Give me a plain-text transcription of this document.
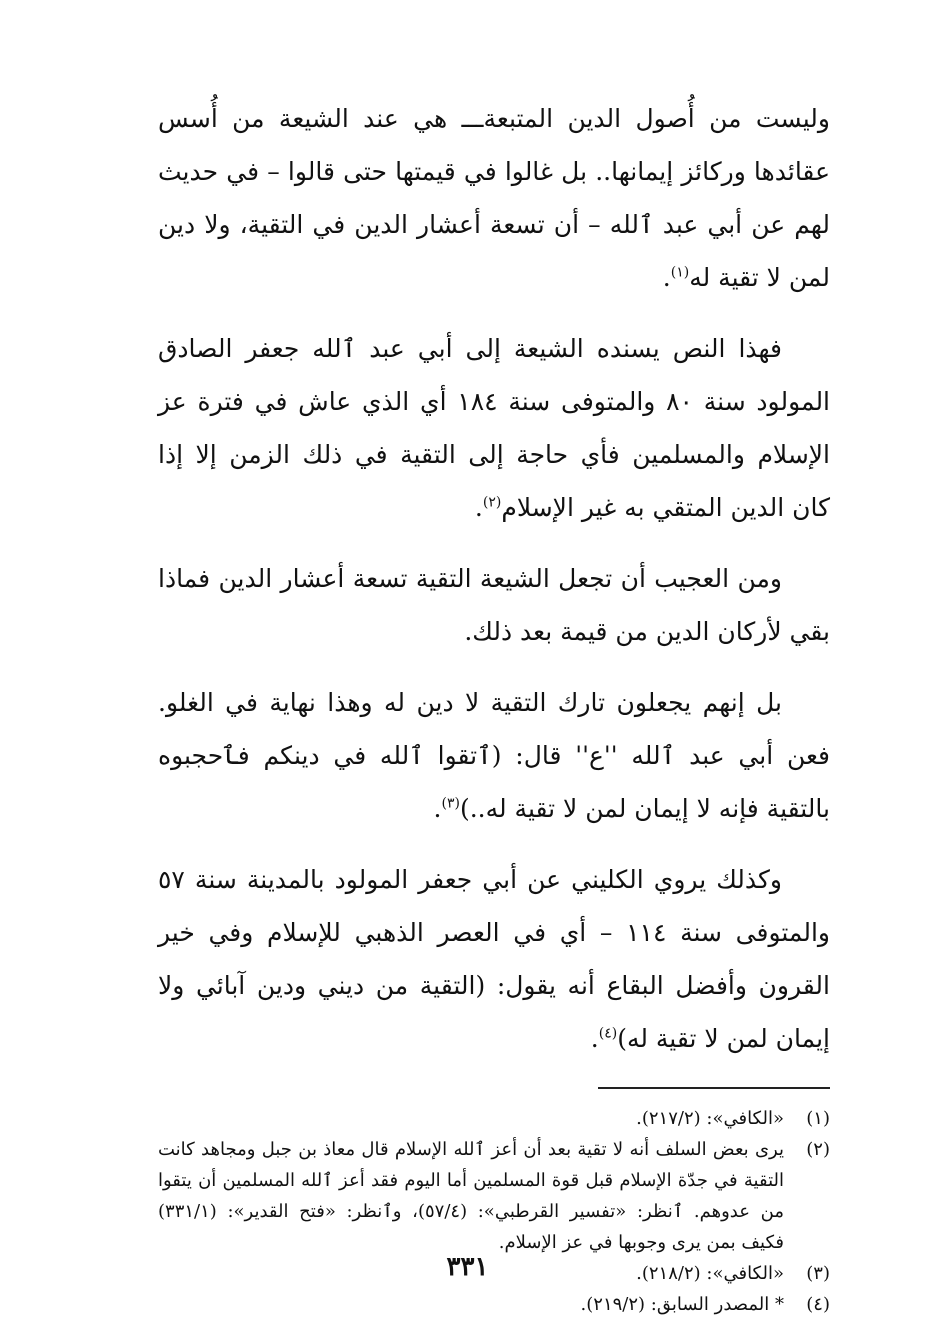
وليست من أُصول الدين المتبعةـــ هي عند الشيعة من أُسس عقائدها وركائز إيمانها.. بل غالوا في قيمتها حتى قالوا – في حديث لهم عن أبي عبد ٱلله – أن تسعة أعشار الدين في التقية، ولا دين لمن لا تقية له$^{(١)}$.

فهذا النص يسنده الشيعة إلى أبي عبد ٱلله جعفر الصادق المولود سنة ٨٠ والمتوفى سنة ١٨٤ أي الذي عاش في فترة عز الإسلام والمسلمين فأي حاجة إلى التقية في ذلك الزمن إلا إذا كان الدين المتقي به غير الإسلام$^{(٢)}$.

ومن العجيب أن تجعل الشيعة التقية تسعة أعشار الدين فماذا بقي لأركان الدين من قيمة بعد ذلك.

بل إنهم يجعلون تارك التقية لا دين له وهذا نهاية في الغلو. فعن أبي عبد ٱلله ''ع'' قال: (ٱتقوا ٱلله في دينكم فٱحجبوه بالتقية فإنه لا إيمان لمن لا تقية له..)$^{(٣)}$.

وكذلك يروي الكليني عن أبي جعفر المولود بالمدينة سنة ٥٧ والمتوفى سنة ١١٤ – أي في العصر الذهبي للإسلام وفي خير القرون وأفضل البقاع أنه يقول: (التقية من ديني ودين آبائي ولا إيمان لمن لا تقية له)$^{(٤)}$.

(١)
«الكافي»: (٢١٧/٢).
(٢)
يرى بعض السلف أنه لا تقية بعد أن أعز ٱلله الإسلام قال معاذ بن جبل ومجاهد كانت التقية في جدّة الإسلام قبل قوة المسلمين أما اليوم فقد أعز ٱلله المسلمين أن يتقوا من عدوهم. ٱنظر: «تفسير القرطبي»: (٥٧/٤)، وٱنظر: «فتح القدير»: (٣٣١/١) فكيف بمن يرى وجوبها في عز الإسلام.
(٣)
«الكافي»: (٢١٨/٢).
(٤)
* المصدر السابق: (٢١٩/٢).
٣٣١
